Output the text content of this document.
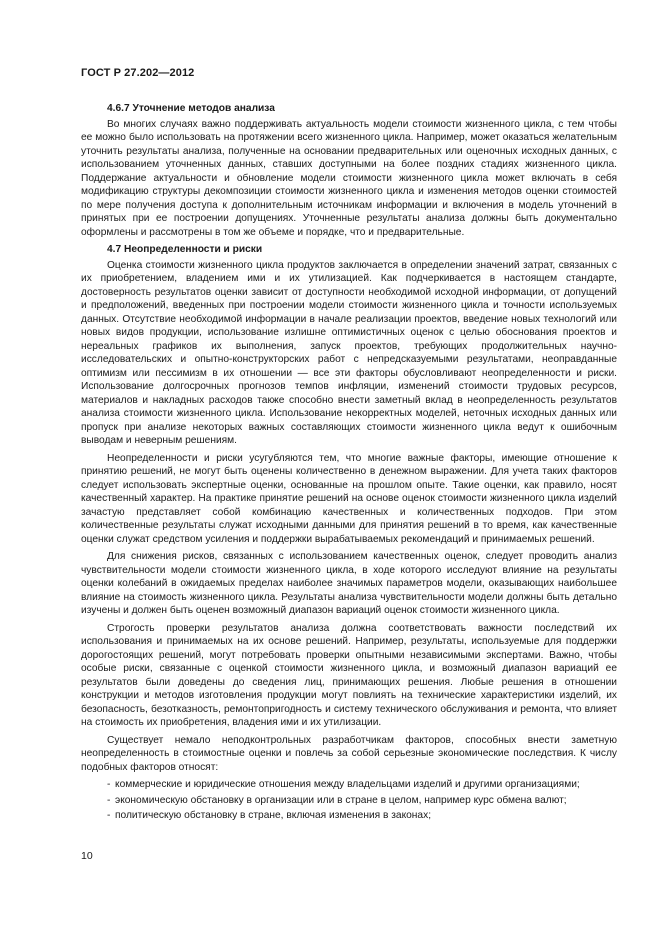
ГОСТ Р 27.202—2012
4.6.7 Уточнение методов анализа

Во многих случаях важно поддерживать актуальность модели стоимости жизненного цикла, с тем чтобы ее можно было использовать на протяжении всего жизненного цикла. Например, может оказаться желательным уточнить результаты анализа, полученные на основании предварительных или оценочных исходных данных, с использованием уточненных данных, ставших доступными на более поздних стадиях жизненного цикла. Поддержание актуальности и обновление модели стоимости жизненного цикла может включать в себя модификацию структуры декомпозиции стоимости жизненного цикла и изменения методов оценки стоимостей по мере получения доступа к дополнительным источникам информации и включения в модель уточнений в принятых при ее построении допущениях. Уточненные результаты анализа должны быть документально оформлены и рассмотрены в том же объеме и порядке, что и предварительные.

4.7 Неопределенности и риски

Оценка стоимости жизненного цикла продуктов заключается в определении значений затрат, связанных с их приобретением, владением ими и их утилизацией. Как подчеркивается в настоящем стандарте, достоверность результатов оценки зависит от доступности необходимой исходной информации, от допущений и предположений, введенных при построении модели стоимости жизненного цикла и точности используемых данных. Отсутствие необходимой информации в начале реализации проектов, введение новых технологий или новых видов продукции, использование излишне оптимистичных оценок с целью обоснования проектов и нереальных графиков их выполнения, запуск проектов, требующих продолжительных научно-исследовательских и опытно-конструкторских работ с непредсказуемыми результатами, неоправданные оптимизм или пессимизм в их отношении — все эти факторы обусловливают неопределенности и риски. Использование долгосрочных прогнозов темпов инфляции, изменений стоимости трудовых ресурсов, материалов и накладных расходов также способно внести заметный вклад в неопределенность результатов анализа стоимости жизненного цикла. Использование некорректных моделей, неточных исходных данных или пропуск при анализе некоторых важных составляющих стоимости жизненного цикла ведут к ошибочным выводам и неверным решениям.

Неопределенности и риски усугубляются тем, что многие важные факторы, имеющие отношение к принятию решений, не могут быть оценены количественно в денежном выражении. Для учета таких факторов следует использовать экспертные оценки, основанные на прошлом опыте. Такие оценки, как правило, носят качественный характер. На практике принятие решений на основе оценок стоимости жизненного цикла изделий зачастую представляет собой комбинацию качественных и количественных подходов. При этом количественные результаты служат исходными данными для принятия решений в то время, как качественные оценки служат средством усиления и поддержки вырабатываемых рекомендаций и принимаемых решений.

Для снижения рисков, связанных с использованием качественных оценок, следует проводить анализ чувствительности модели стоимости жизненного цикла, в ходе которого исследуют влияние на результаты оценки колебаний в ожидаемых пределах наиболее значимых параметров модели, оказывающих наибольшее влияние на стоимость жизненного цикла. Результаты анализа чувствительности модели должны быть детально изучены и должен быть оценен возможный диапазон вариаций оценок стоимости жизненного цикла.

Строгость проверки результатов анализа должна соответствовать важности последствий их использования и принимаемых на их основе решений. Например, результаты, используемые для поддержки дорогостоящих решений, могут потребовать проверки опытными независимыми экспертами. Важно, чтобы особые риски, связанные с оценкой стоимости жизненного цикла, и возможный диапазон вариаций ее результатов были доведены до сведения лиц, принимающих решения. Любые решения в отношении конструкции и методов изготовления продукции могут повлиять на технические характеристики изделий, их безопасность, безотказность, ремонтопригодность и систему технического обслуживания и ремонта, что влияет на стоимость их приобретения, владения ими и их утилизации.

Существует немало неподконтрольных разработчикам факторов, способных внести заметную неопределенность в стоимостные оценки и повлечь за собой серьезные экономические последствия. К числу подобных факторов относят:

- коммерческие и юридические отношения между владельцами изделий и другими организациями;
- экономическую обстановку в организации или в стране в целом, например курс обмена валют;
- политическую обстановку в стране, включая изменения в законах;
10
